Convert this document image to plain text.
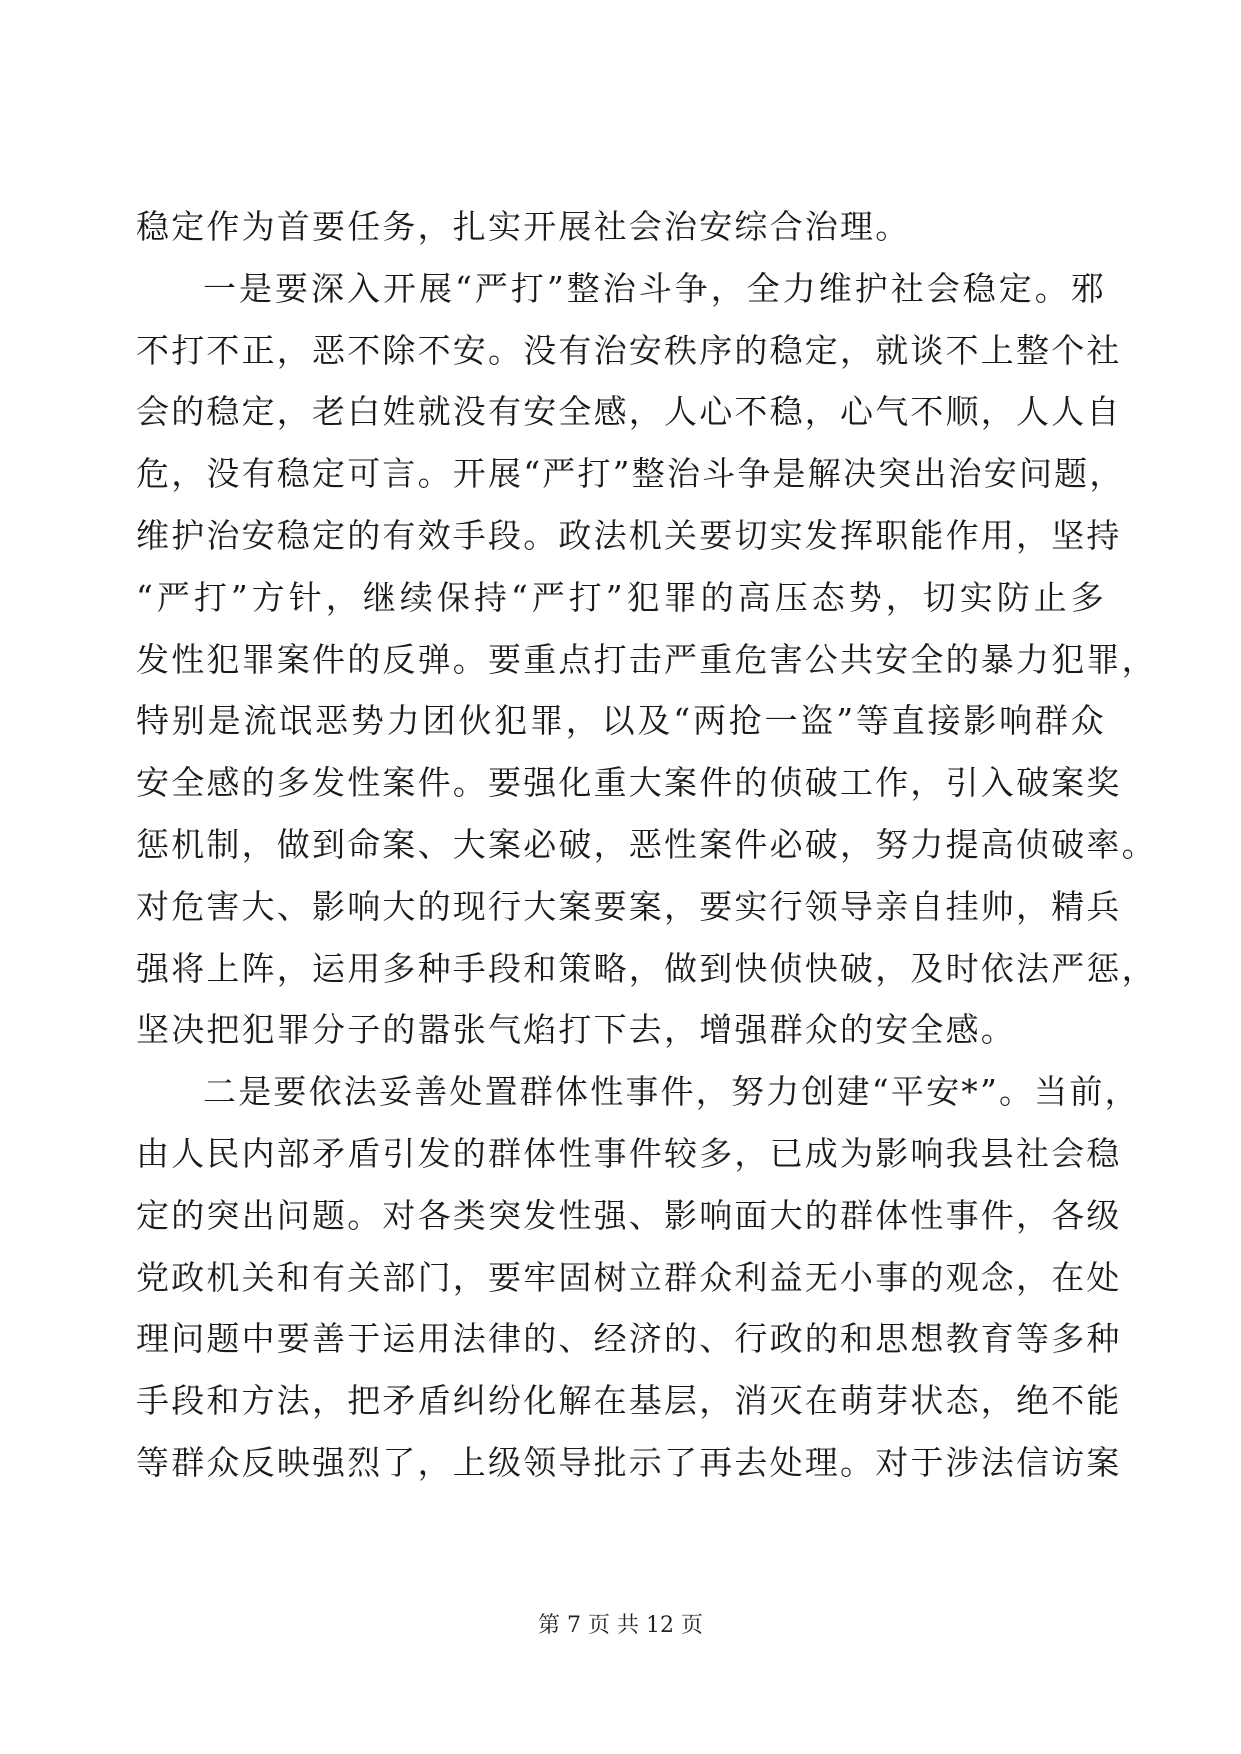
稳定作为首要任务，扎实开展社会治安综合治理。
一是要深入开展“严打”整治斗争，全力维护社会稳定。邪
不打不正，恶不除不安。没有治安秩序的稳定，就谈不上整个社
会的稳定，老白姓就没有安全感，人心不稳，心气不顺，人人自
危，没有稳定可言。开展“严打”整治斗争是解决突出治安问题，
维护治安稳定的有效手段。政法机关要切实发挥职能作用，坚持
“严打”方针，继续保持“严打”犯罪的高压态势，切实防止多
发性犯罪案件的反弹。要重点打击严重危害公共安全的暴力犯罪，
特别是流氓恶势力团伙犯罪，以及“两抢一盗”等直接影响群众
安全感的多发性案件。要强化重大案件的侦破工作，引入破案奖
惩机制，做到命案、大案必破，恶性案件必破，努力提高侦破率。
对危害大、影响大的现行大案要案，要实行领导亲自挂帅，精兵
强将上阵，运用多种手段和策略，做到快侦快破，及时依法严惩，
坚决把犯罪分子的嚣张气焰打下去，增强群众的安全感。
二是要依法妥善处置群体性事件，努力创建“平安*”。当前，
由人民内部矛盾引发的群体性事件较多，已成为影响我县社会稳
定的突出问题。对各类突发性强、影响面大的群体性事件，各级
党政机关和有关部门，要牢固树立群众利益无小事的观念，在处
理问题中要善于运用法律的、经济的、行政的和思想教育等多种
手段和方法，把矛盾纠纷化解在基层，消灭在萌芽状态，绝不能
等群众反映强烈了，上级领导批示了再去处理。对于涉法信访案
第 7 页 共 12 页
